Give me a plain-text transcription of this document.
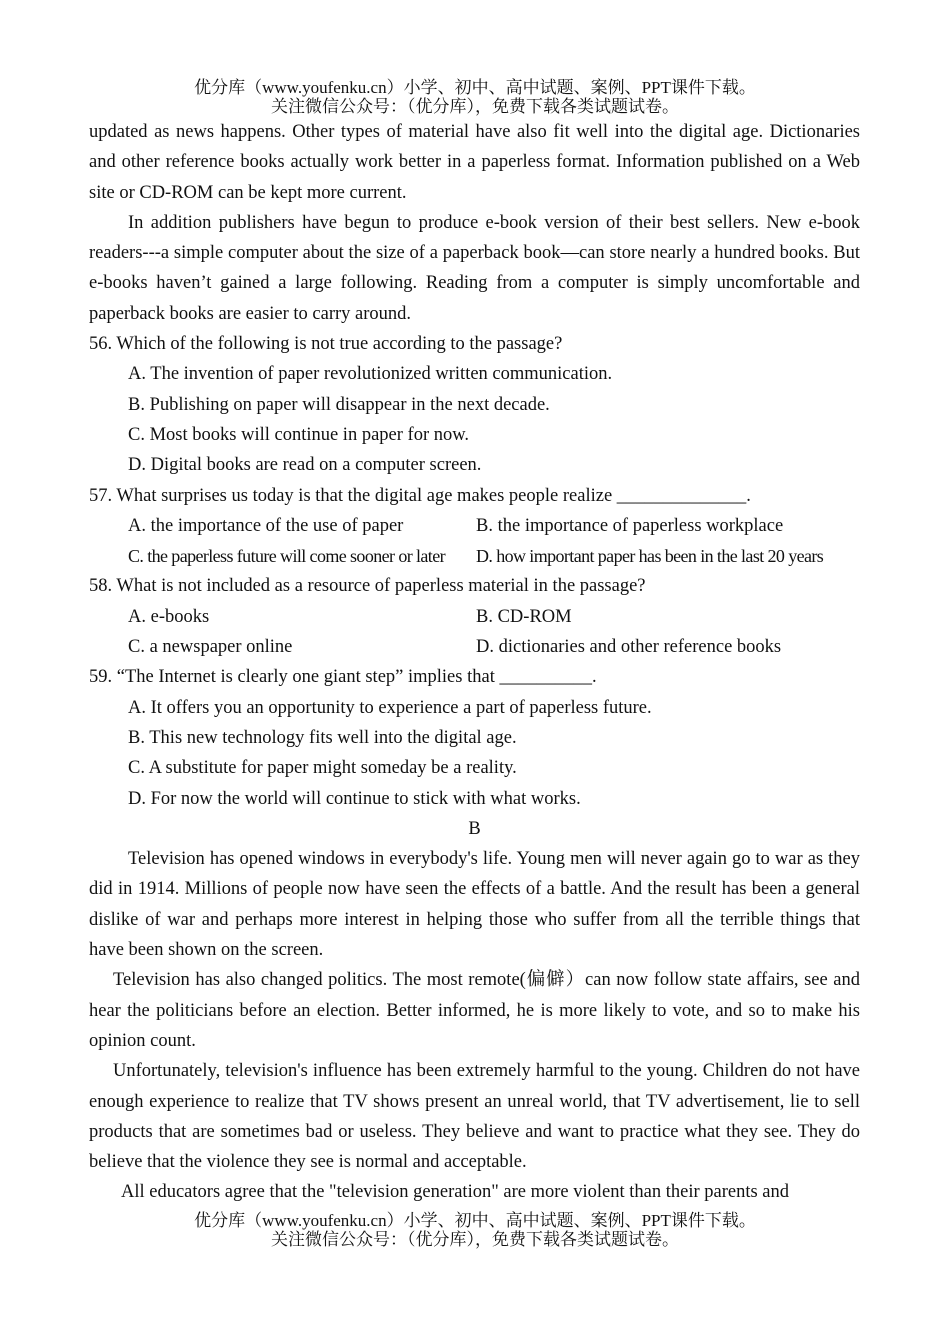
优分库（www.youfenku.cn）小学、初中、高中试题、案例、PPT课件下载。
关注微信公众号：（优分库），免费下载各类试题试卷。

updated as news happens. Other types of material have also fit well into the digital age. Dictionaries and other reference books actually work better in a paperless format. Information published on a Web site or CD-ROM can be kept more current.

In addition publishers have begun to produce e-book version of their best sellers. New e-book readers---a simple computer about the size of a paperback book—can store nearly a hundred books. But e-books haven’t gained a large following. Reading from a computer is simply uncomfortable and paperback books are easier to carry around.

56. Which of the following is not true according to the passage?

A. The invention of paper revolutionized written communication.

B. Publishing on paper will disappear in the next decade.

C. Most books will continue in paper for now.

D. Digital books are read on a computer screen.

57. What surprises us today is that the digital age makes people realize ______________.

A. the importance of the use of paper	B. the importance of paperless workplace
C. the paperless future will come sooner or later	D. how important paper has been in the last 20 years

58. What is not included as a resource of paperless material in the passage?

A. e-books	B. CD-ROM
C. a newspaper online	D. dictionaries and other reference books

59. “The Internet is clearly one giant step” implies that __________.

A. It offers you an opportunity to experience a part of paperless future.

B. This new technology fits well into the digital age.

C. A substitute for paper might someday be a reality.

D. For now the world will continue to stick with what works.

B

Television has opened windows in everybody's life. Young men will never again go to war as they did in 1914. Millions of people now have seen the effects of a battle. And the result has been a general dislike of war and perhaps more interest in helping those who suffer from all the terrible things that have been shown on the screen.

Television has also changed politics. The most remote(偏僻）can now follow state affairs, see and hear the politicians before an election. Better informed, he is more likely to vote, and so to make his opinion count.

Unfortunately, television's influence has been extremely harmful to the young. Children do not have enough experience to realize that TV shows present an unreal world, that TV advertisement, lie to sell products that are sometimes bad or useless. They believe and want to practice what they see. They do believe that the violence they see is normal and acceptable.

All educators agree that the "television generation" are more violent than their parents and

优分库（www.youfenku.cn）小学、初中、高中试题、案例、PPT课件下载。
关注微信公众号：（优分库），免费下载各类试题试卷。
